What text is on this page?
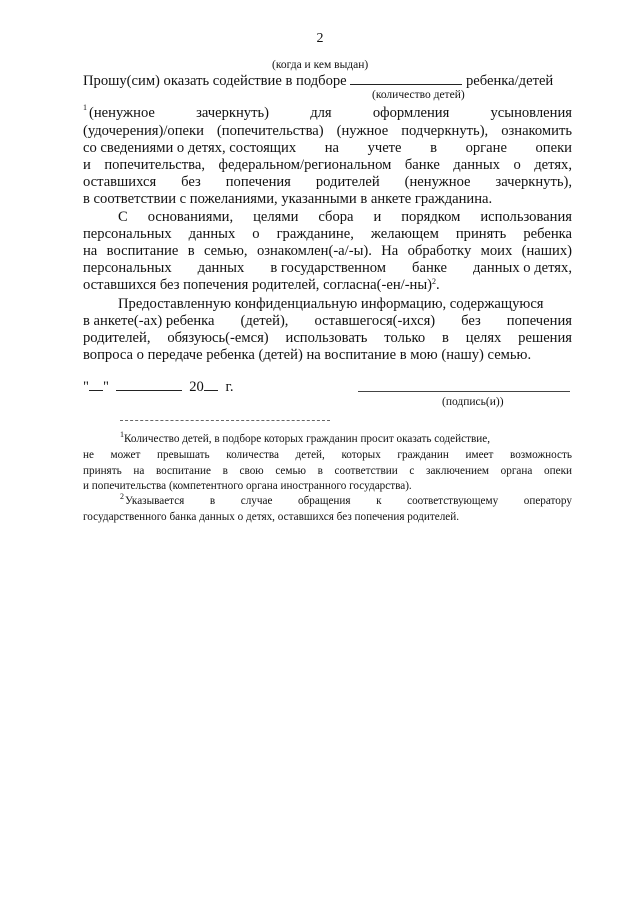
2
(когда и кем выдан)
Прошу(сим) оказать содействие в подборе	ребенка/детей
(количество детей)
1 (ненужное	зачеркнуть)	для	оформления	усыновления
(удочерения)/опеки (попечительства) (нужное подчеркнуть), ознакомить
со сведениями о детях, состоящих на учете в органе опеки
и попечительства, федеральном/региональном банке данных о детях,
оставшихся без попечения родителей (ненужное зачеркнуть),
в соответствии с пожеланиями, указанными в анкете гражданина.
С основаниями, целями сбора и порядком использования
персональных данных о гражданине, желающем принять ребенка
на воспитание в семью, ознакомлен(-а/-ы). На обработку моих (наших)
персональных данных в государственном банке данных о детях,
оставшихся без попечения родителей, $согласна(-ен/-ны)^2$.
Предоставленную конфиденциальную информацию, содержащуюся
в анкете(-ах) ребенка (детей), оставшегося(-ихся) без попечения
родителей, обязуюсь(-емся) использовать только в целях решения
вопроса о передаче ребенка (детей) на воспитание в мою (нашу) семью.
" "	20 г.
(подпись(и))
$^1$Количество детей, в подборе которых гражданин просит оказать содействие,
не может превышать количества детей, которых гражданин имеет возможность
принять на воспитание в свою семью в соответствии с заключением органа опеки
и попечительства (компетентного органа иностранного государства).
2 Указывается в случае обращения к соответствующему оператору
государственного банка данных о детях, оставшихся без попечения родителей.
